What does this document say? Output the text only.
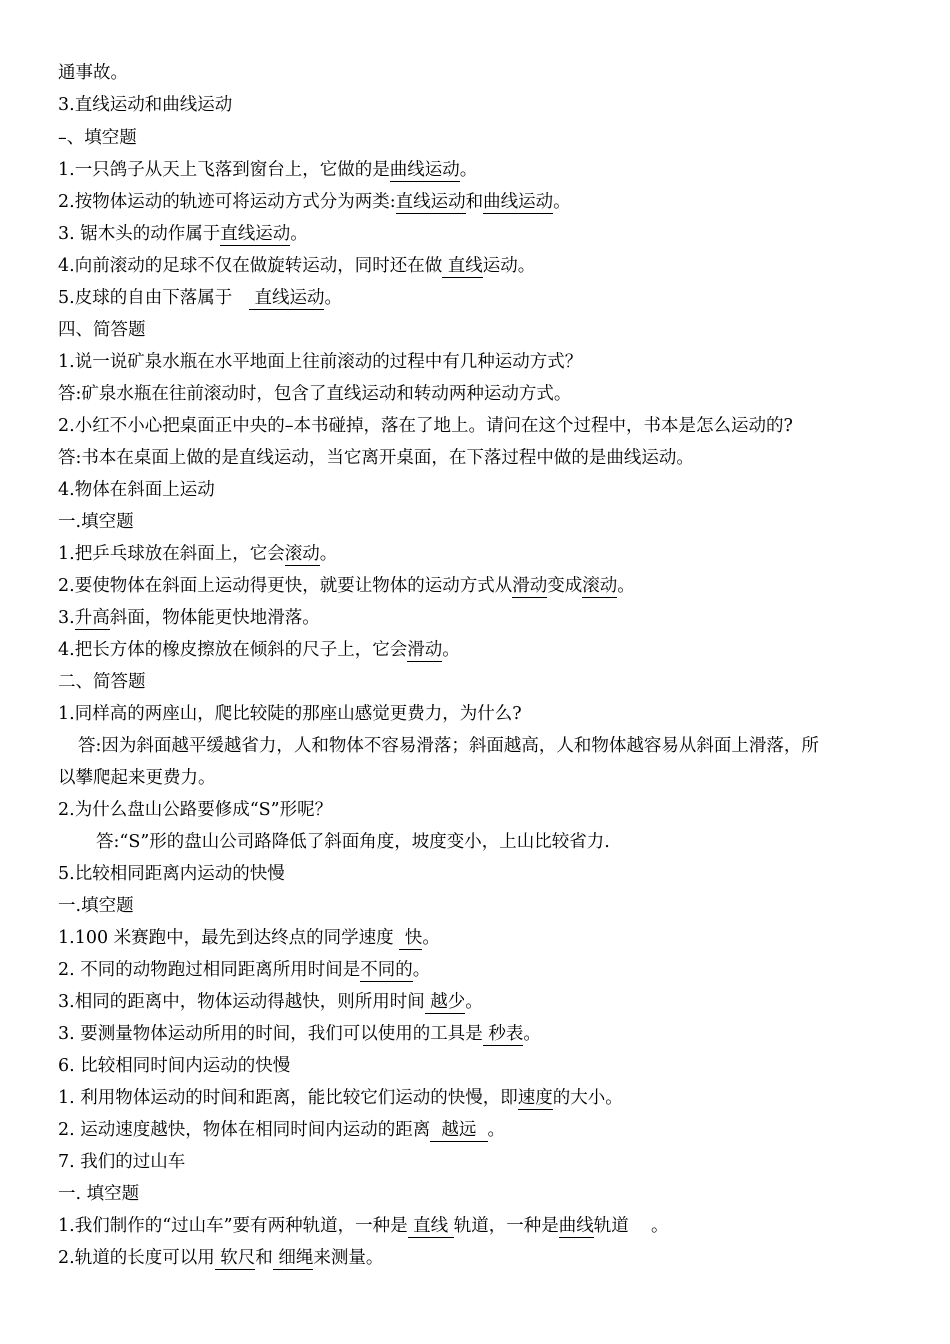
通事故。
3.直线运动和曲线运动
–、填空题
1.一只鸽子从天上飞落到窗台上，它做的是曲线运动。
2.按物体运动的轨迹可将运动方式分为两类:直线运动和曲线运动。
3. 锯木头的动作属于直线运动。
4.向前滚动的足球不仅在做旋转运动，同时还在做 直线运动。
5.皮球的自由下落属于    直线运动。
四、简答题
1.说一说矿泉水瓶在水平地面上往前滚动的过程中有几种运动方式？
答:矿泉水瓶在往前滚动时，包含了直线运动和转动两种运动方式。
2.小红不小心把桌面正中央的–本书碰掉，落在了地上。请问在这个过程中，书本是怎么运动的?
答:书本在桌面上做的是直线运动，当它离开桌面，在下落过程中做的是曲线运动。
4.物体在斜面上运动
一.填空题
1.把乒乓球放在斜面上，它会滚动。
2.要使物体在斜面上运动得更快，就要让物体的运动方式从滑动变成滚动。
3.升高斜面，物体能更快地滑落。
4.把长方体的橡皮擦放在倾斜的尺子上，它会滑动。
二、简答题
1.同样高的两座山，爬比较陡的那座山感觉更费力，为什么?
答:因为斜面越平缓越省力，人和物体不容易滑落；斜面越高，人和物体越容易从斜面上滑落，所
以攀爬起来更费力。
2.为什么盘山公路要修成“S”形呢？
答:“S”形的盘山公司路降低了斜面角度，坡度变小，上山比较省力.
5.比较相同距离内运动的快慢
一.填空题
1.100 米赛跑中，最先到达终点的同学速度  快。
2. 不同的动物跑过相同距离所用时间是不同的。
3.相同的距离中，物体运动得越快，则所用时间 越少。
3. 要测量物体运动所用的时间，我们可以使用的工具是 秒表。
6. 比较相同时间内运动的快慢
1. 利用物体运动的时间和距离，能比较它们运动的快慢，即速度的大小。
2. 运动速度越快，物体在相同时间内运动的距离  越远  。
7. 我们的过山车
一. 填空题
1.我们制作的“过山车”要有两种轨道，一种是 直线 轨道，一种是曲线轨道    。
2.轨道的长度可以用 软尺和 细绳来测量。
